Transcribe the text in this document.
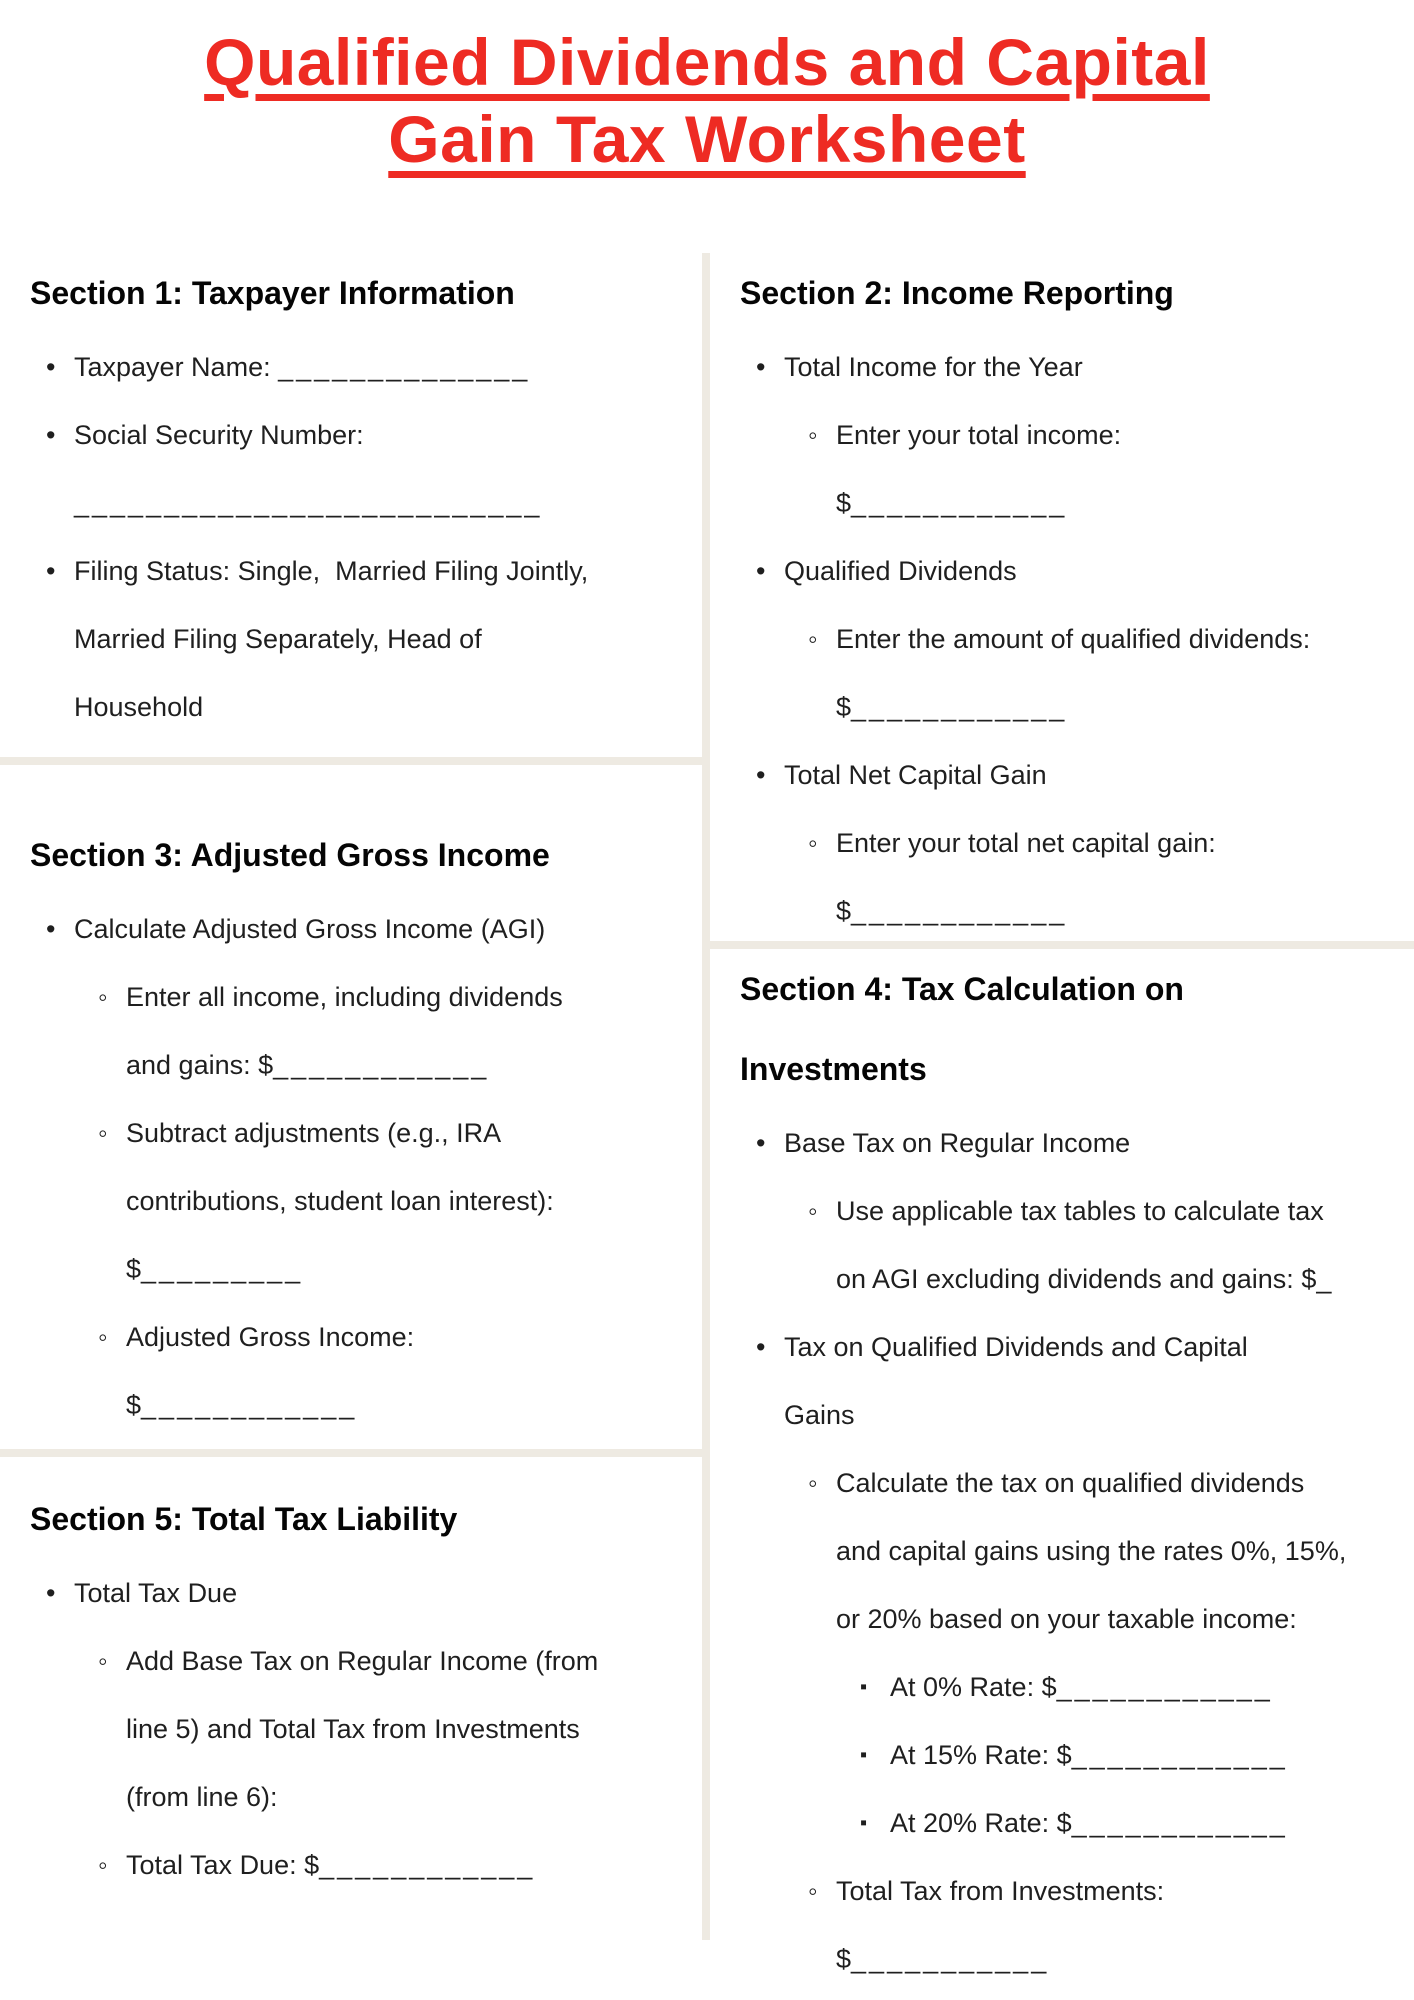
Qualified Dividends and Capital
Gain Tax Worksheet
Section 1: Taxpayer Information
• Taxpayer Name: ______________
• Social Security Number:
__________________________
• Filing Status: Single,  Married Filing Jointly,
Married Filing Separately, Head of
Household
Section 3: Adjusted Gross Income
• Calculate Adjusted Gross Income (AGI)
◦ Enter all income, including dividends
and gains: $____________
◦ Subtract adjustments (e.g., IRA
contributions, student loan interest):
$_________
◦ Adjusted Gross Income:
$____________
Section 5: Total Tax Liability
• Total Tax Due
◦ Add Base Tax on Regular Income (from
line 5) and Total Tax from Investments
(from line 6):
◦ Total Tax Due: $____________
Section 2: Income Reporting
• Total Income for the Year
◦ Enter your total income:
$____________
• Qualified Dividends
◦ Enter the amount of qualified dividends:
$____________
• Total Net Capital Gain
◦ Enter your total net capital gain:
$____________
Section 4: Tax Calculation on
Investments
• Base Tax on Regular Income
◦ Use applicable tax tables to calculate tax
on AGI excluding dividends and gains: $_
• Tax on Qualified Dividends and Capital
Gains
◦ Calculate the tax on qualified dividends
and capital gains using the rates 0%, 15%,
or 20% based on your taxable income:
▪ At 0% Rate: $____________
▪ At 15% Rate: $____________
▪ At 20% Rate: $____________
◦ Total Tax from Investments:
$___________
